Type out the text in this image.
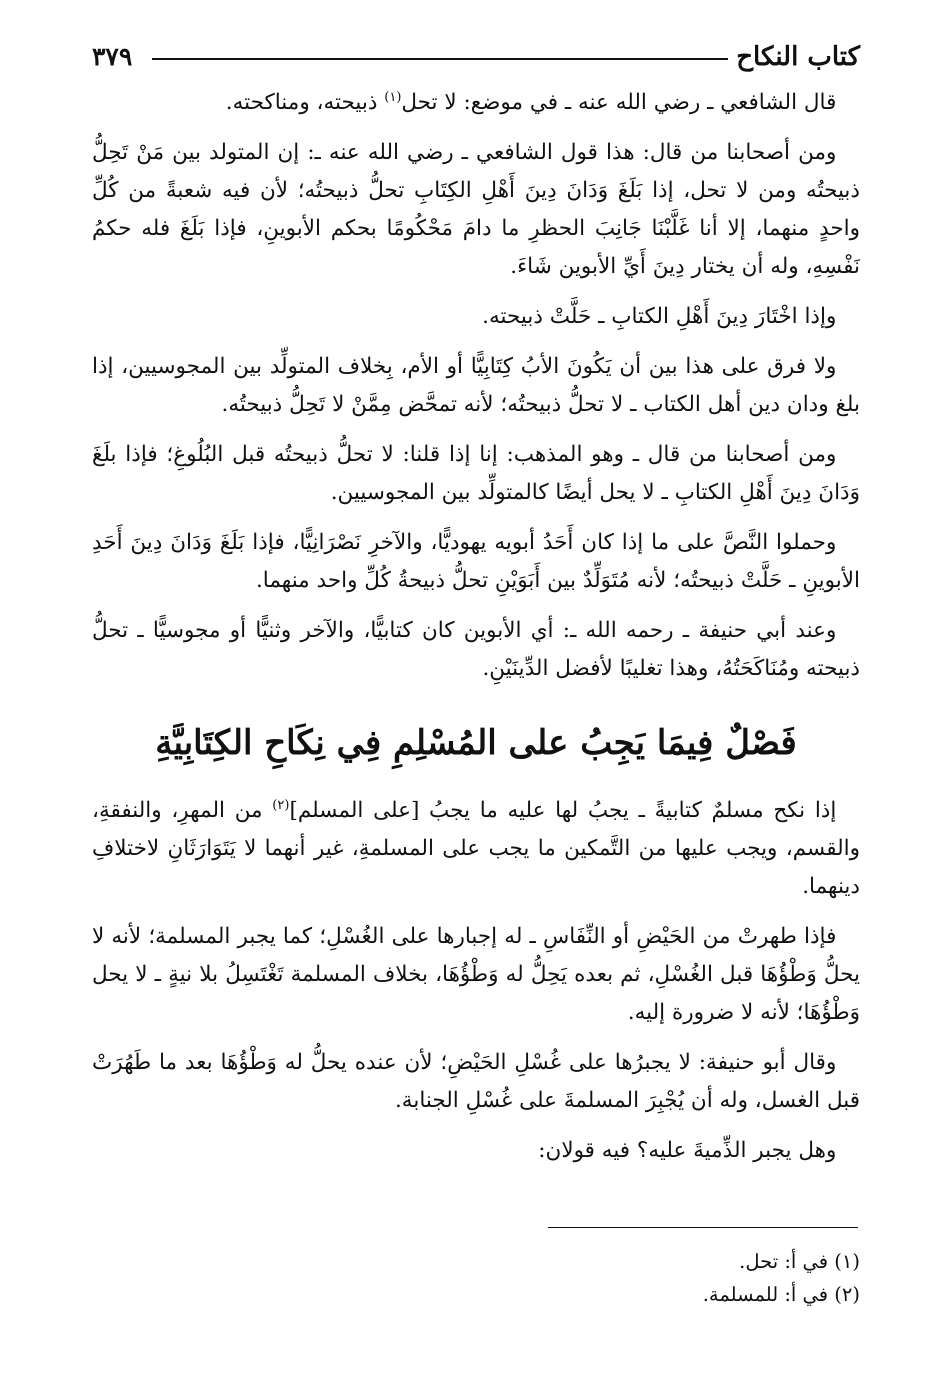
كتاب النكاح
٣٧٩

قال الشافعي ـ رضي الله عنه ـ في موضع: لا تحل$^{(١)}$ ذبيحته، ومناكحته.

ومن أصحابنا من قال: هذا قول الشافعي ـ رضي الله عنه ـ: إن المتولد بين مَنْ تَحِلُّ ذبيحتُه ومن لا تحل، إذا بَلَغَ وَدَانَ دِينَ أَهْلِ الكِتَابِ تحلُّ ذبيحتُه؛ لأن فيه شعبةً من كُلِّ واحدٍ منهما، إلا أنا غَلَّبْنَا جَانِبَ الحظرِ ما دامَ مَحْكُومًا بحكم الأبوينِ، فإذا بَلَغَ فله حكمُ نَفْسِهِ، وله أن يختار دِينَ أَيِّ الأبوين شَاءَ.

وإذا اخْتَارَ دِينَ أَهْلِ الكتابِ ـ حَلَّتْ ذبيحته.

ولا فرق على هذا بين أن يَكُونَ الأبُ كِتَابِيًّا أو الأم، بِخلاف المتولِّد بين المجوسيين، إذا بلغ ودان دين أهل الكتاب ـ لا تحلُّ ذبيحتُه؛ لأنه تمحَّض مِمَّنْ لا تَحِلُّ ذبيحتُه.

ومن أصحابنا من قال ـ وهو المذهب: إنا إذا قلنا: لا تحلُّ ذبيحتُه قبل البُلُوغِ؛ فإذا بلَغَ وَدَانَ دِينَ أَهْلِ الكتابِ ـ لا يحل أيضًا كالمتولِّد بين المجوسيين.

وحملوا النَّصَّ على ما إذا كان أَحَدُ أبويه يهوديًّا، والآخرِ نَصْرَانِيًّا، فإذا بَلَغَ وَدَانَ دِينَ أَحَدِ الأبوينِ ـ حَلَّتْ ذبيحتُه؛ لأنه مُتَوَلِّدٌ بين أَبَوَيْنِ تحلُّ ذبيحةُ كُلِّ واحد منهما.

وعند أبي حنيفة ـ رحمه الله ـ: أي الأبوين كان كتابيًّا، والآخر وثنيًّا أو مجوسيًّا ـ تحلُّ ذبيحته ومُنَاكَحَتُهُ، وهذا تغليبًا لأفضل الدِّينَيْنِ.

فَصْلٌ فِيمَا يَجِبُ على المُسْلِمِ فِي نِكَاحِ الكِتَابِيَّةِ

إذا نكح مسلمٌ كتابيةً ـ يجبُ لها عليه ما يجبُ [على المسلم]$^{(٢)}$ من المهرِ، والنفقةِ، والقسم، ويجب عليها من التَّمكين ما يجب على المسلمةِ، غير أنهما لا يَتَوَارَثَانِ لاختلافِ دينهما.

فإذا طهرتْ من الحَيْضِ أو النِّفَاسِ ـ له إجبارها على الغُسْلِ؛ كما يجبر المسلمة؛ لأنه لا يحلُّ وَطْؤُهَا قبل الغُسْلِ، ثم بعده يَحِلُّ له وَطْؤُهَا، بخلاف المسلمة تَغْتَسِلُ بلا نيةٍ ـ لا يحل وَطْؤُهَا؛ لأنه لا ضرورة إليه.

وقال أبو حنيفة: لا يجبرُها على غُسْلِ الحَيْضِ؛ لأن عنده يحلُّ له وَطْؤُهَا بعد ما طَهُرَتْ قبل الغسل، وله أن يُجْبِرَ المسلمةَ على غُسْلِ الجنابة.

وهل يجبر الذِّميةَ عليه؟ فيه قولان:

(١) في أ: تحل.

(٢) في أ: للمسلمة.
